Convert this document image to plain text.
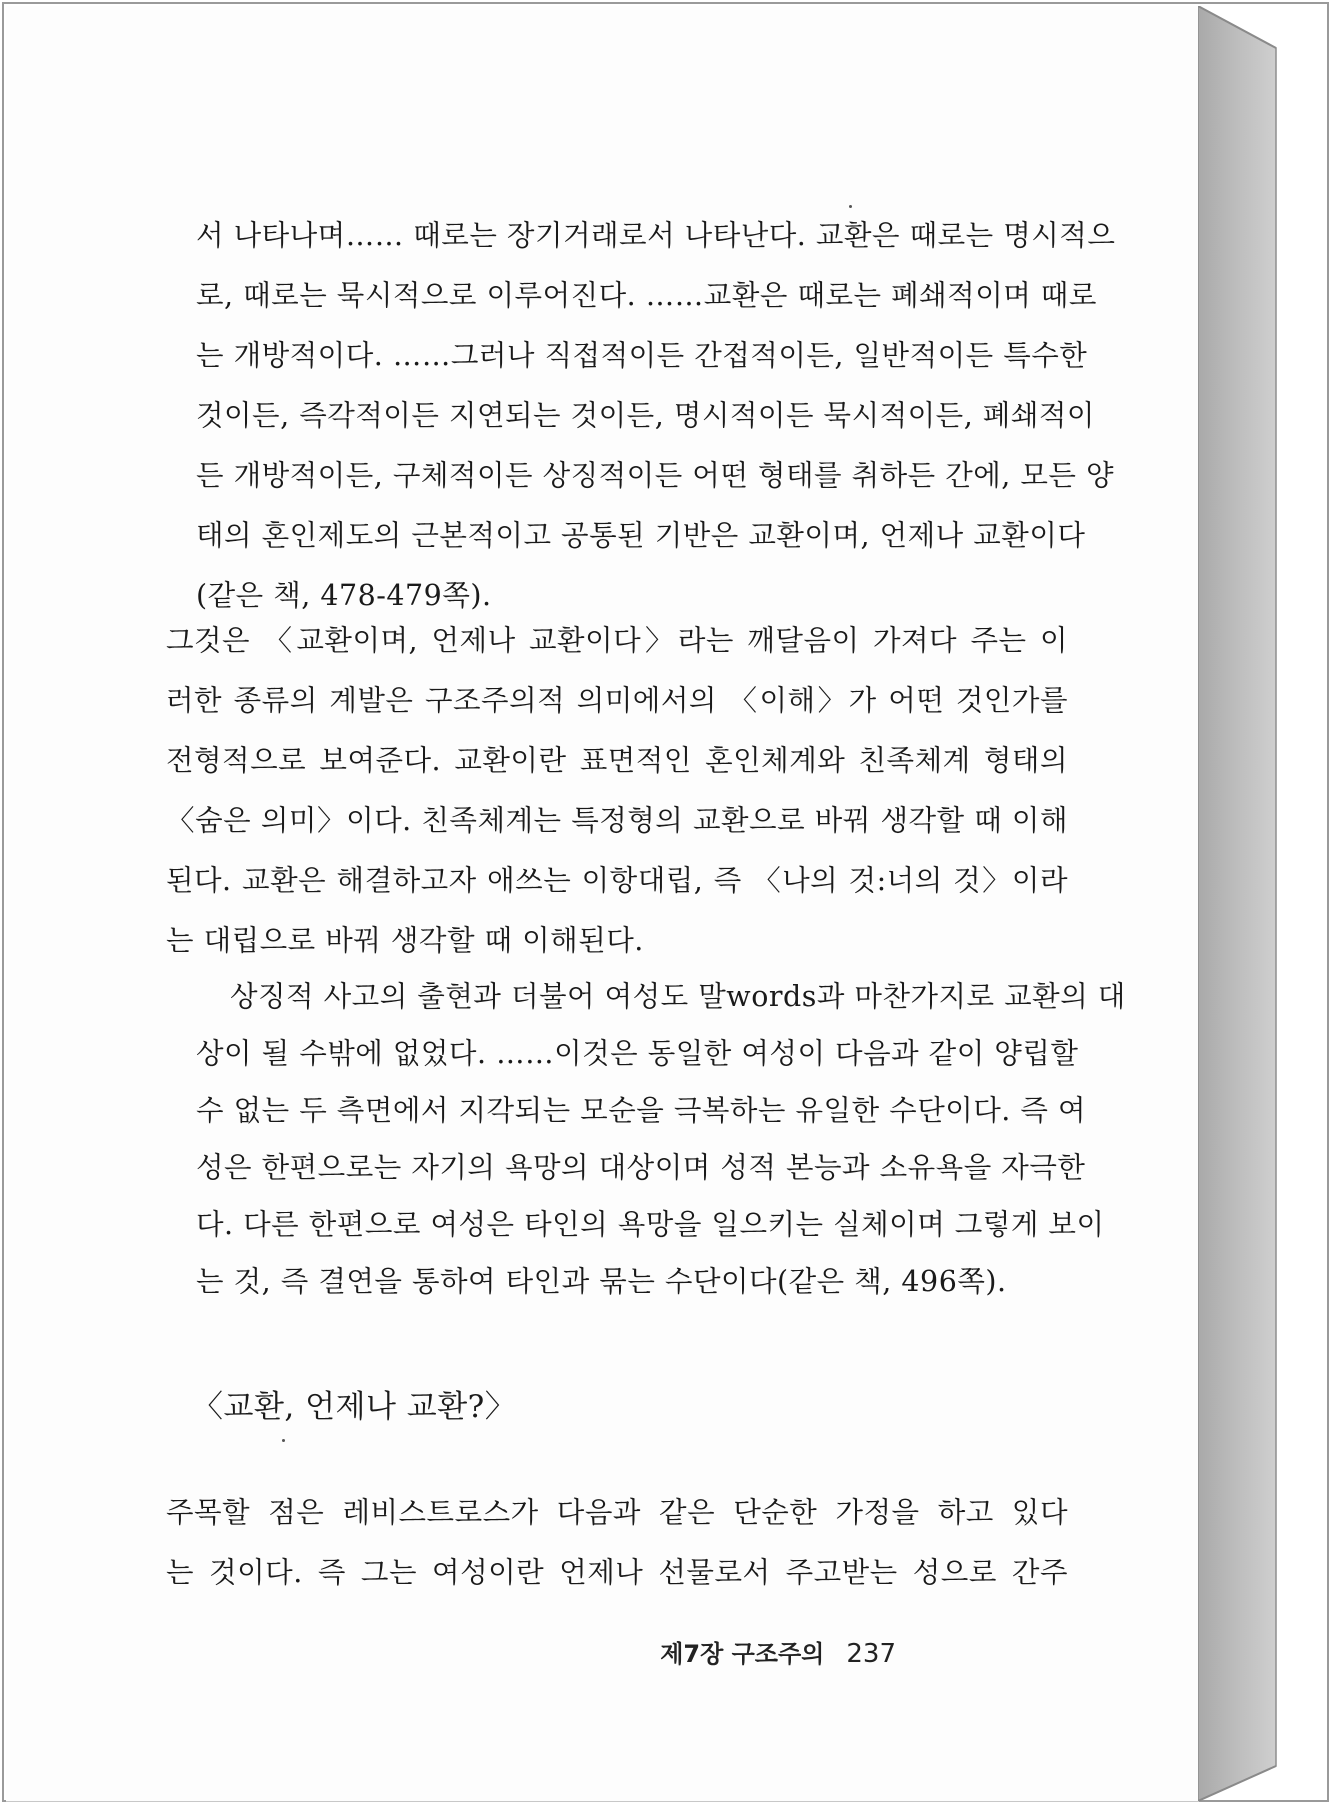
서 나타나며…… 때로는 장기거래로서 나타난다. 교환은 때로는 명시적으
로, 때로는 묵시적으로 이루어진다. ……교환은 때로는 폐쇄적이며 때로
는 개방적이다. ……그러나 직접적이든 간접적이든, 일반적이든 특수한
것이든, 즉각적이든 지연되는 것이든, 명시적이든 묵시적이든, 폐쇄적이
든 개방적이든, 구체적이든 상징적이든 어떤 형태를 취하든 간에, 모든 양
태의 혼인제도의 근본적이고 공통된 기반은 교환이며, 언제나 교환이다
(같은 책, 478-479쪽).
그것은 〈교환이며, 언제나 교환이다〉라는 깨달음이 가져다 주는 이
러한 종류의 계발은 구조주의적 의미에서의 〈이해〉가 어떤 것인가를
전형적으로 보여준다. 교환이란 표면적인 혼인체계와 친족체계 형태의
〈숨은 의미〉이다. 친족체계는 특정형의 교환으로 바꿔 생각할 때 이해
된다. 교환은 해결하고자 애쓰는 이항대립, 즉 〈나의 것:너의 것〉이라
는 대립으로 바꿔 생각할 때 이해된다.
상징적 사고의 출현과 더불어 여성도 말words과 마찬가지로 교환의 대
상이 될 수밖에 없었다. ……이것은 동일한 여성이 다음과 같이 양립할
수 없는 두 측면에서 지각되는 모순을 극복하는 유일한 수단이다. 즉 여
성은 한편으로는 자기의 욕망의 대상이며 성적 본능과 소유욕을 자극한
다. 다른 한편으로 여성은 타인의 욕망을 일으키는 실체이며 그렇게 보이
는 것, 즉 결연을 통하여 타인과 묶는 수단이다(같은 책, 496쪽).
〈교환, 언제나 교환?〉
주목할 점은 레비스트로스가 다음과 같은 단순한 가정을 하고 있다
는 것이다. 즉 그는 여성이란 언제나 선물로서 주고받는 성으로 간주
제7장 구조주의 237
